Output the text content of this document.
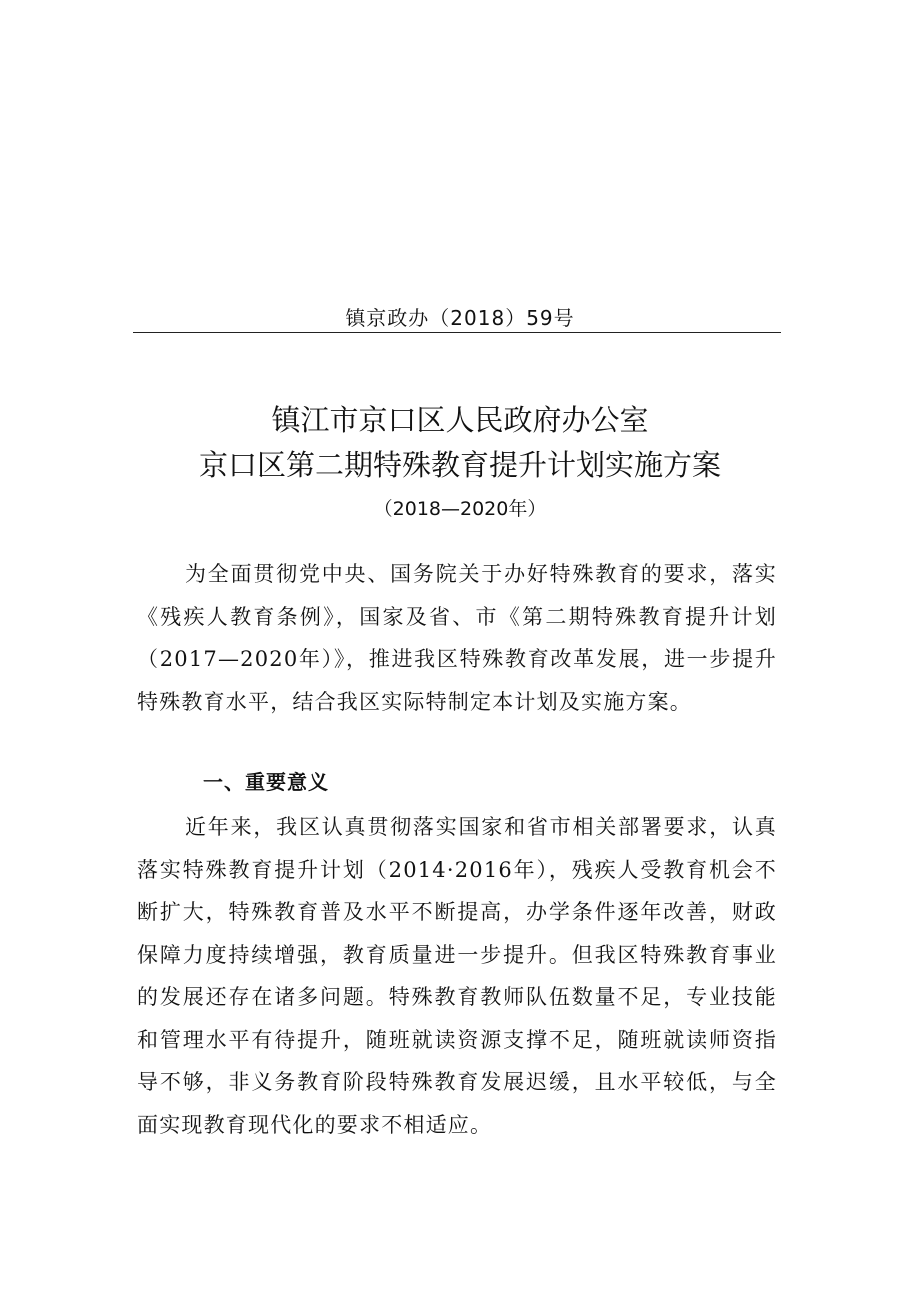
镇京政办（2018）59号
镇江市京口区人民政府办公室
京口区第二期特殊教育提升计划实施方案
（2018—2020年）

为全面贯彻党中央、国务院关于办好特殊教育的要求，落实《残疾人教育条例》，国家及省、市《第二期特殊教育提升计划（2017—2020年）》，推进我区特殊教育改革发展，进一步提升特殊教育水平，结合我区实际特制定本计划及实施方案。

一、重要意义

近年来，我区认真贯彻落实国家和省市相关部署要求，认真落实特殊教育提升计划（2014·2016年），残疾人受教育机会不断扩大，特殊教育普及水平不断提高，办学条件逐年改善，财政保障力度持续增强，教育质量进一步提升。但我区特殊教育事业的发展还存在诸多问题。特殊教育教师队伍数量不足，专业技能和管理水平有待提升，随班就读资源支撑不足，随班就读师资指导不够，非义务教育阶段特殊教育发展迟缓，且水平较低，与全面实现教育现代化的要求不相适应。
